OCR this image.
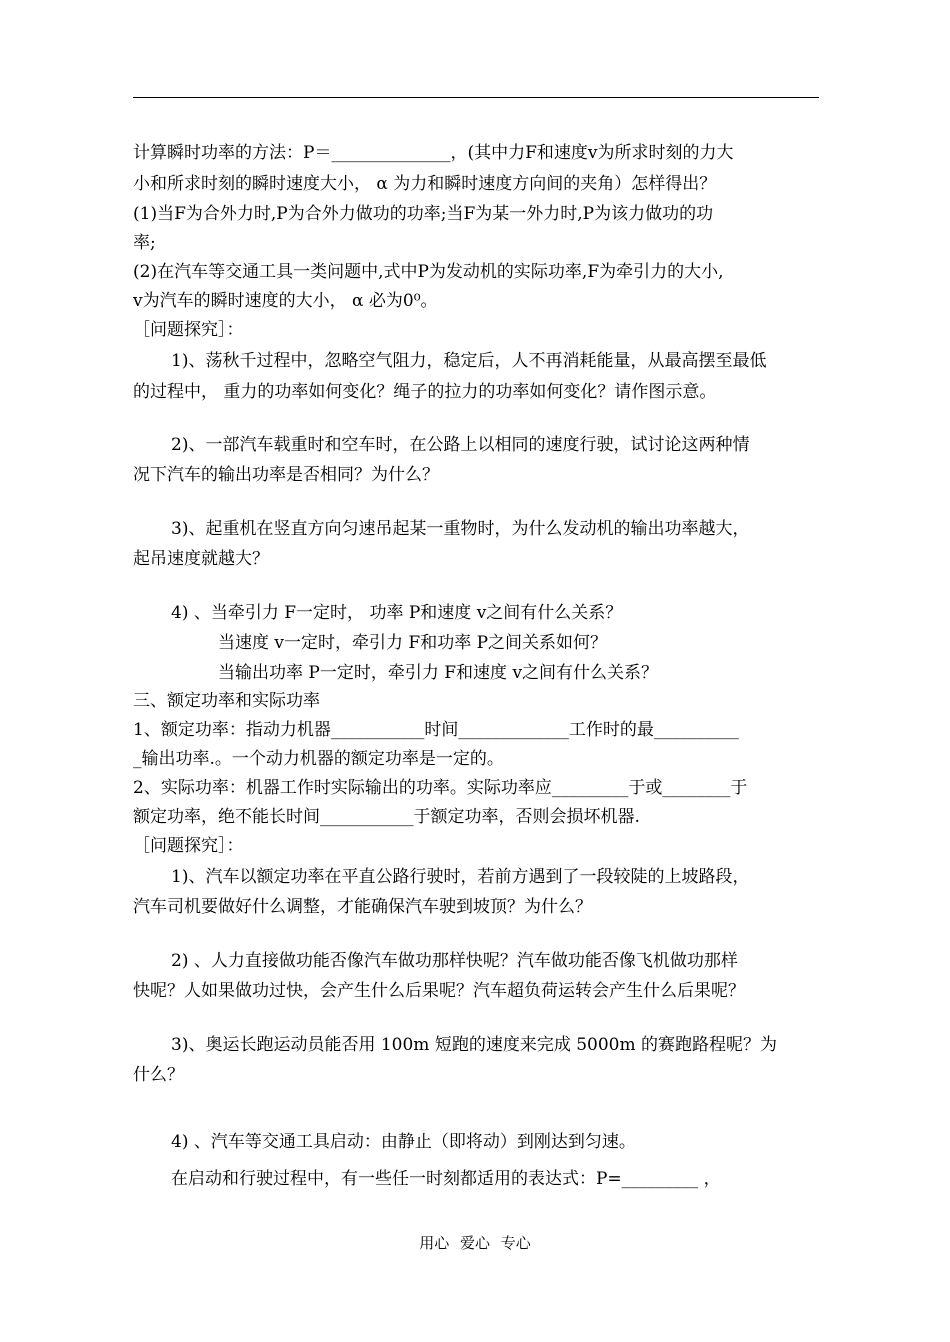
计算瞬时功率的方法：P＝______________，(其中力F和速度v为所求时刻的力大
小和所求时刻的瞬时速度大小， α 为力和瞬时速度方向间的夹角）怎样得出？
(1)当F为合外力时,P为合外力做功的功率;当F为某一外力时,P为该力做功的功
率;
(2)在汽车等交通工具一类问题中,式中P为发动机的实际功率,F为牵引力的大小,
v为汽车的瞬时速度的大小， α 必为0⁰。
［问题探究］：
1)、荡秋千过程中，忽略空气阻力，稳定后，人不再消耗能量，从最高摆至最低
的过程中， 重力的功率如何变化？绳子的拉力的功率如何变化？请作图示意。
2)、一部汽车载重时和空车时，在公路上以相同的速度行驶，试讨论这两种情
况下汽车的输出功率是否相同？为什么？
3)、起重机在竖直方向匀速吊起某一重物时，为什么发动机的输出功率越大，
起吊速度就越大？
4) 、当牵引力 F一定时， 功率 P和速度 v之间有什么关系？
当速度 v一定时，牵引力 F和功率 P之间关系如何？
当输出功率 P一定时，牵引力 F和速度 v之间有什么关系？
三、额定功率和实际功率
1、额定功率：指动力机器___________时间_____________工作时的最__________
_输出功率.。一个动力机器的额定功率是一定的。
2、实际功率：机器工作时实际输出的功率。实际功率应_________于或________于
额定功率，绝不能长时间___________于额定功率，否则会损坏机器.
［问题探究］：
1)、汽车以额定功率在平直公路行驶时，若前方遇到了一段较陡的上坡路段，
汽车司机要做好什么调整，才能确保汽车驶到坡顶？为什么？
2) 、人力直接做功能否像汽车做功那样快呢？汽车做功能否像飞机做功那样
快呢？人如果做功过快，会产生什么后果呢？汽车超负荷运转会产生什么后果呢？
3)、奥运长跑运动员能否用 100m 短跑的速度来完成 5000m 的赛跑路程呢？为
什么？
4) 、汽车等交通工具启动：由静止（即将动）到刚达到匀速。
在启动和行驶过程中，有一些任一时刻都适用的表达式：P=_________ ，
用心 爱心 专心
